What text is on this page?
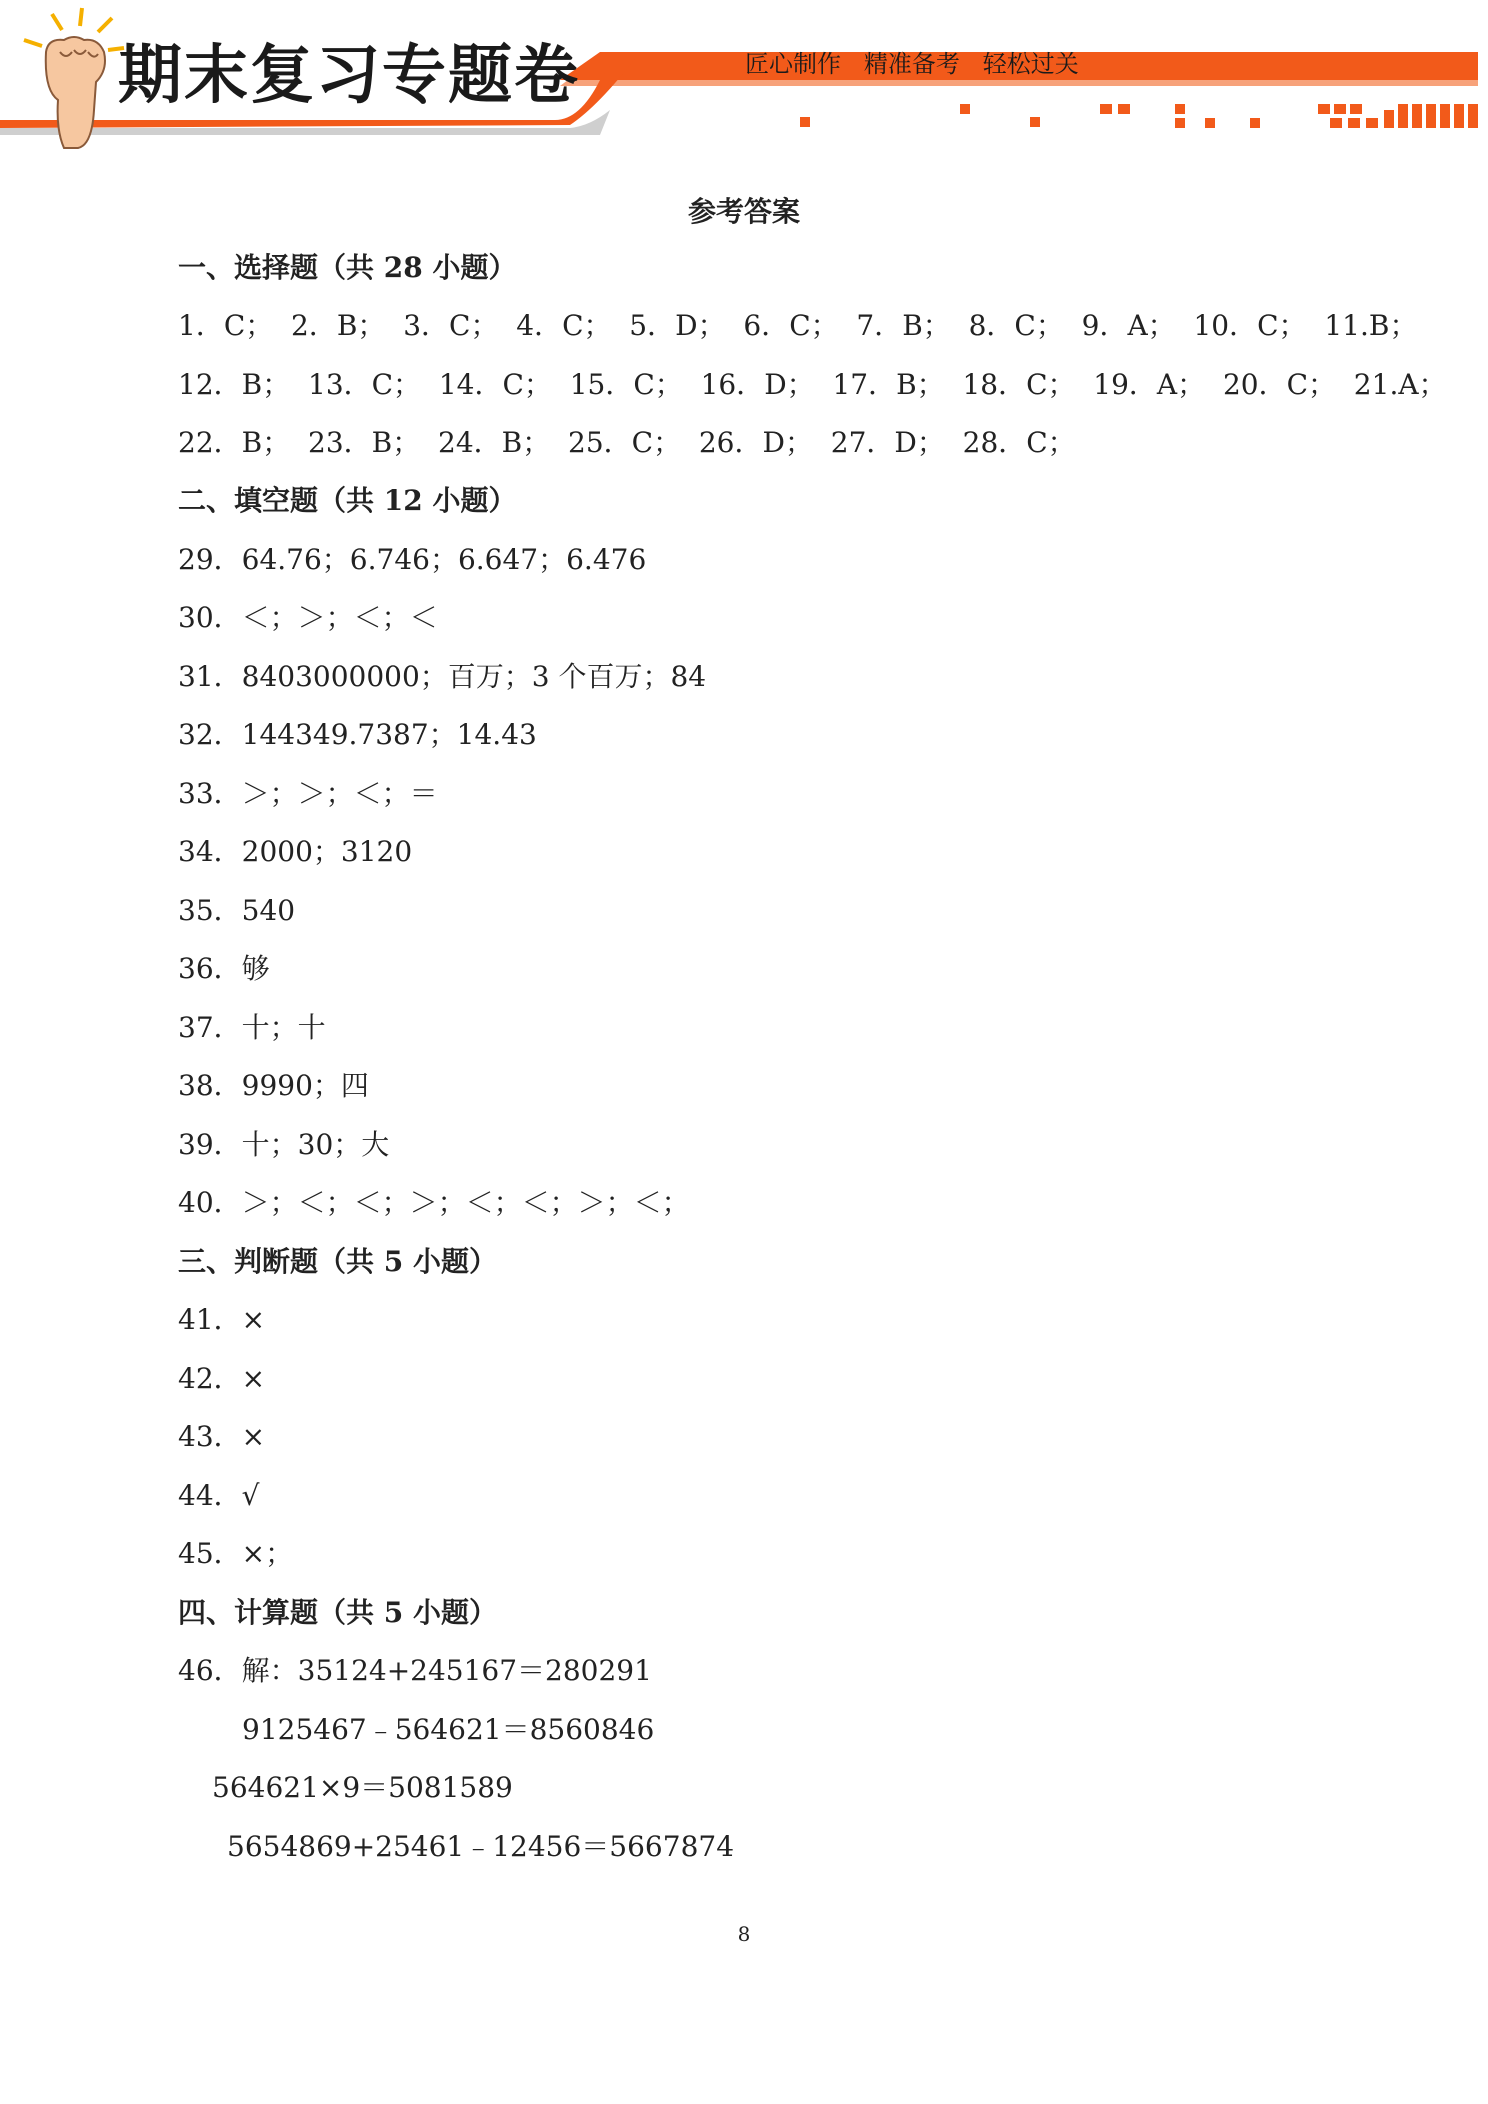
期末复习专题卷	匠心制作   精准备考   轻松过关
参考答案
一、选择题（共 28 小题）
1．C；  2．B；  3．C；  4．C；  5．D；  6．C；  7．B；  8．C；  9．A；  10．C；  11.B；
12．B；  13．C；  14．C；  15．C；  16．D；  17．B；  18．C；  19．A；  20．C；  21.A；
22．B；  23．B；  24．B；  25．C；  26．D；  27．D；  28．C；
二、填空题（共 12 小题）
29．64.76；6.746；6.647；6.476
30．＜；＞；＜；＜
31．8403000000；百万；3 个百万；84
32．144349.7387；14.43
33．＞；＞；＜；＝
34．2000；3120
35．540
36．够
37．十；十
38．9990；四
39．十；30；大
40．＞；＜；＜；＞；＜；＜；＞；＜；
三、判断题（共 5 小题）
41．×
42．×
43．×
44．√
45．×；
四、计算题（共 5 小题）
46．解：35124+245167＝280291
9125467﹣564621＝8560846
564621×9＝5081589
5654869+25461﹣12456＝5667874
8
